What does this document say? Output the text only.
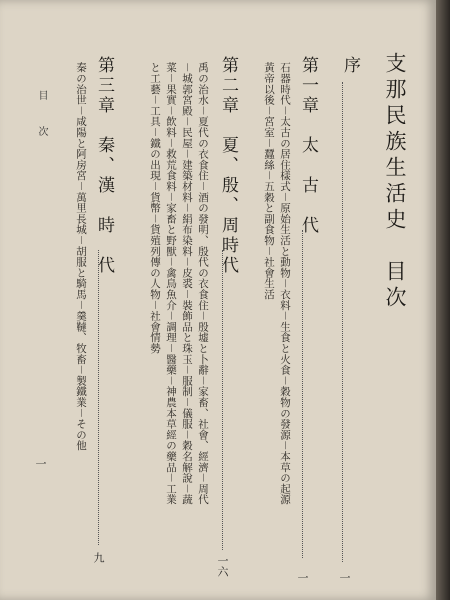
支那民族生活史　目次
序
一
第一章　太　古　代
一
石器時代－太古の居住樣式－原始生活と動物－衣料－生食と火食－穀物の發源－本草の起源
黃帝以後－宮室－蠶絲－五穀と副食物－社會生活
第二章　夏、殷、周時代
一六
禹の治水－夏代の衣食住－酒の發明、殷代の衣食住－殷墟と卜辭－家畜、社會、經濟－周代
－城郭宮殿－民屋－建築材料－絹布染料－皮裘－裝飾品と珠玉－服制－儀服－穀名解說－蔬
菜－果實－飲料－救荒食料－家畜と野獸－禽鳥魚介－調理－醫藥－神農本草經の藥品－工業
と工藝－工具－鐵の出現－貨幣－貨殖列傳の人物－社會情勢
第三章　秦、漢　時　代
九
秦の治世－咸陽と阿房宮－萬里長城－胡服と騎馬－羹韃、牧畜－製鐵業－その他
目　次
一
